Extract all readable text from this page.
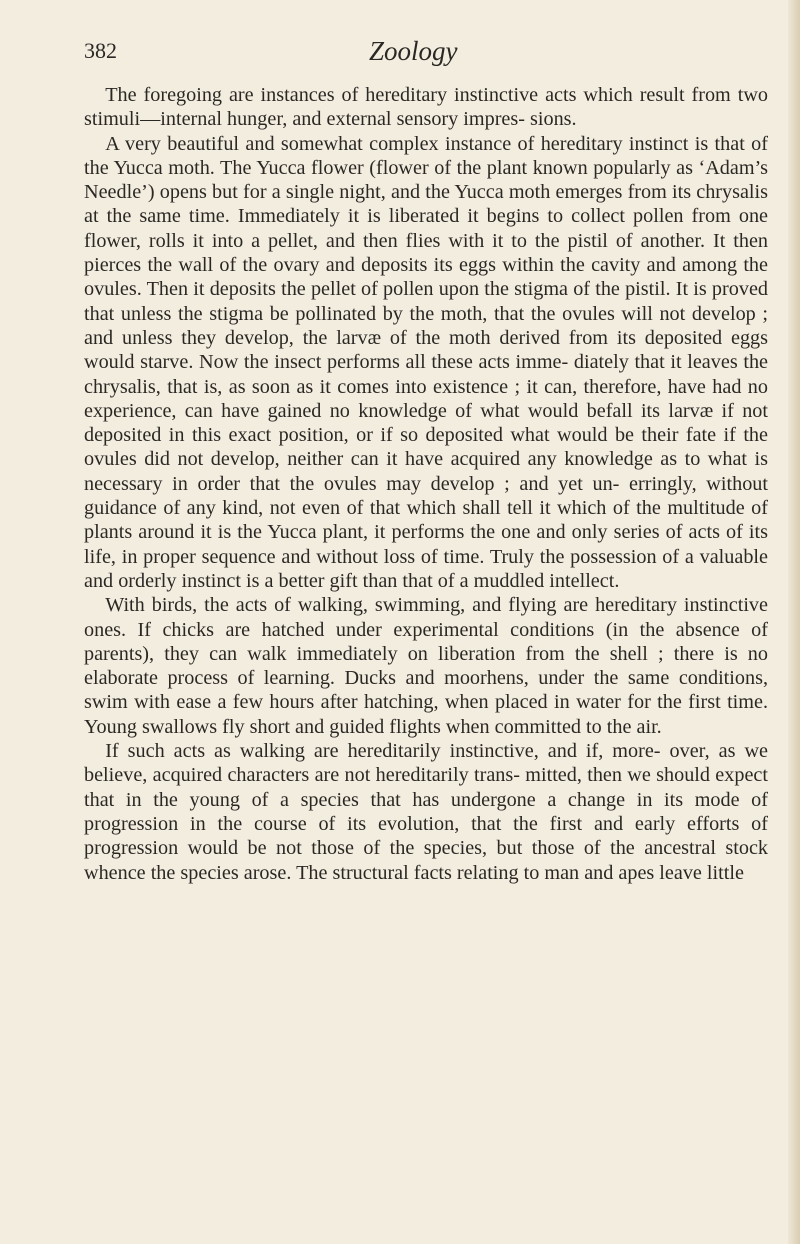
382	Zoology

The foregoing are instances of hereditary instinctive acts which result from two stimuli—internal hunger, and external sensory impres- sions.

A very beautiful and somewhat complex instance of hereditary instinct is that of the Yucca moth. The Yucca flower (flower of the plant known popularly as ‘Adam’s Needle’) opens but for a single night, and the Yucca moth emerges from its chrysalis at the same time. Immediately it is liberated it begins to collect pollen from one flower, rolls it into a pellet, and then flies with it to the pistil of another. It then pierces the wall of the ovary and deposits its eggs within the cavity and among the ovules. Then it deposits the pellet of pollen upon the stigma of the pistil. It is proved that unless the stigma be pollinated by the moth, that the ovules will not develop ; and unless they develop, the larvæ of the moth derived from its deposited eggs would starve. Now the insect performs all these acts imme- diately that it leaves the chrysalis, that is, as soon as it comes into existence ; it can, therefore, have had no experience, can have gained no knowledge of what would befall its larvæ if not deposited in this exact position, or if so deposited what would be their fate if the ovules did not develop, neither can it have acquired any knowledge as to what is necessary in order that the ovules may develop ; and yet un- erringly, without guidance of any kind, not even of that which shall tell it which of the multitude of plants around it is the Yucca plant, it performs the one and only series of acts of its life, in proper sequence and without loss of time. Truly the possession of a valuable and orderly instinct is a better gift than that of a muddled intellect.

With birds, the acts of walking, swimming, and flying are hereditary instinctive ones. If chicks are hatched under experimental conditions (in the absence of parents), they can walk immediately on liberation from the shell ; there is no elaborate process of learning. Ducks and moorhens, under the same conditions, swim with ease a few hours after hatching, when placed in water for the first time. Young swallows fly short and guided flights when committed to the air.

If such acts as walking are hereditarily instinctive, and if, more- over, as we believe, acquired characters are not hereditarily trans- mitted, then we should expect that in the young of a species that has undergone a change in its mode of progression in the course of its evolution, that the first and early efforts of progression would be not those of the species, but those of the ancestral stock whence the species arose. The structural facts relating to man and apes leave little
